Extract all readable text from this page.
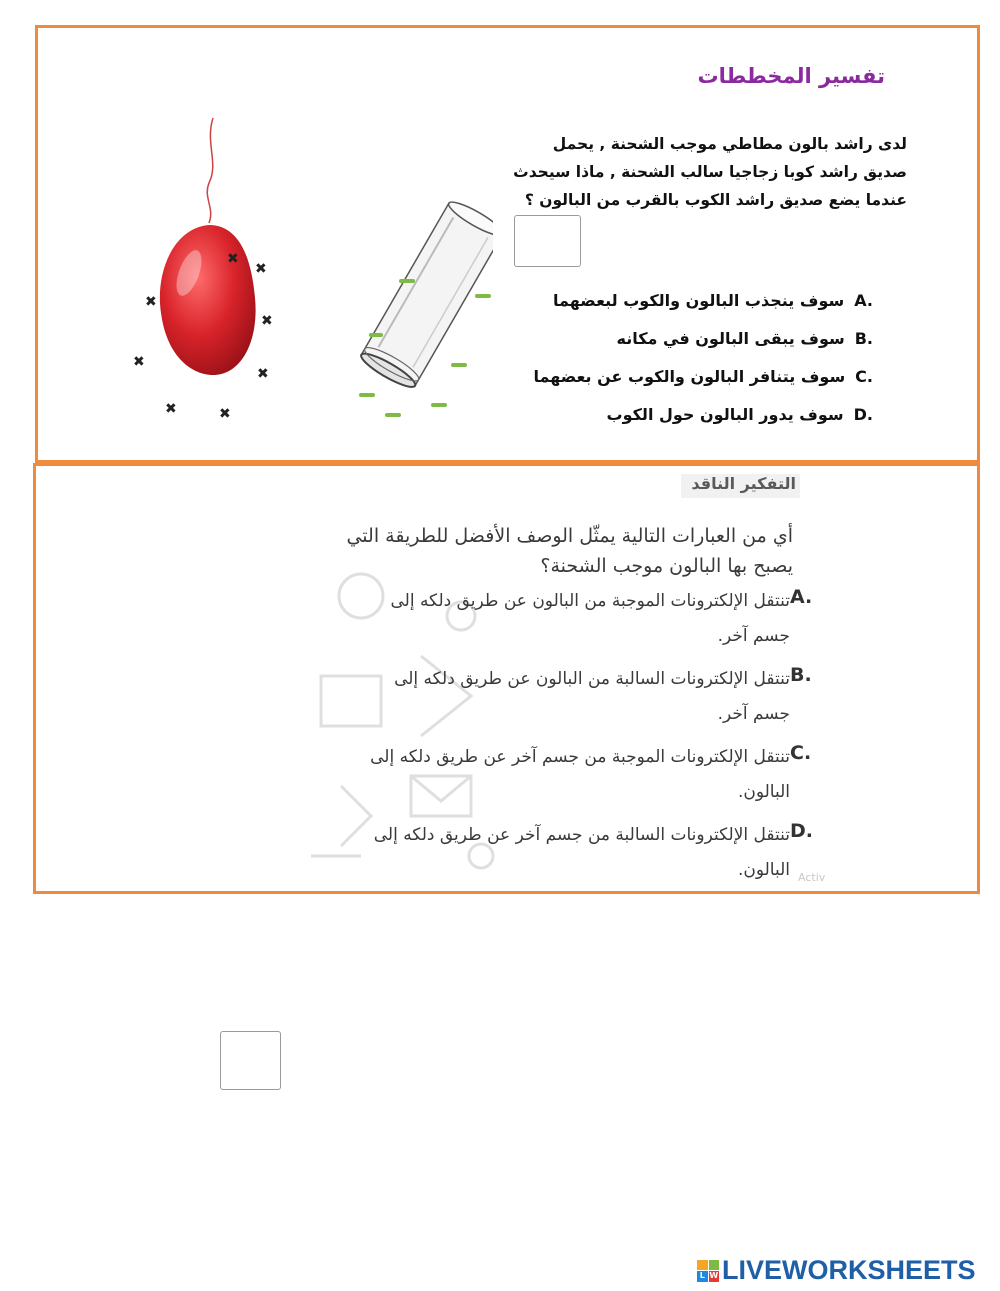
تفسير المخططات
لدى راشد بالون مطاطي موجب الشحنة , يحمل صديق راشد كوبا زجاجيا سالب الشحنة , ماذا سيحدث عندما يضع صديق راشد الكوب بالقرب من البالون ؟
A.
سوف ينجذب البالون والكوب لبعضهما
B.
سوف يبقى البالون في مكانه
C.
سوف يتنافر البالون والكوب عن بعضهما
D.
سوف يدور البالون حول الكوب
✖
✖
✖
✖
✖
✖	✖
✖
التفكير الناقد
أي من العبارات التالية يمثّل الوصف الأفضل للطريقة التي يصبح بها البالون موجب الشحنة؟
A.
تنتقل الإلكترونات الموجبة من البالون عن طريق دلكه إلى جسم آخر.
B.
تنتقل الإلكترونات السالبة من البالون عن طريق دلكه إلى جسم آخر.
C.
تنتقل الإلكترونات الموجبة من جسم آخر عن طريق دلكه إلى البالون.
D.
تنتقل الإلكترونات السالبة من جسم آخر عن طريق دلكه إلى البالون. Activ
L W LIVEWORKSHEETS
